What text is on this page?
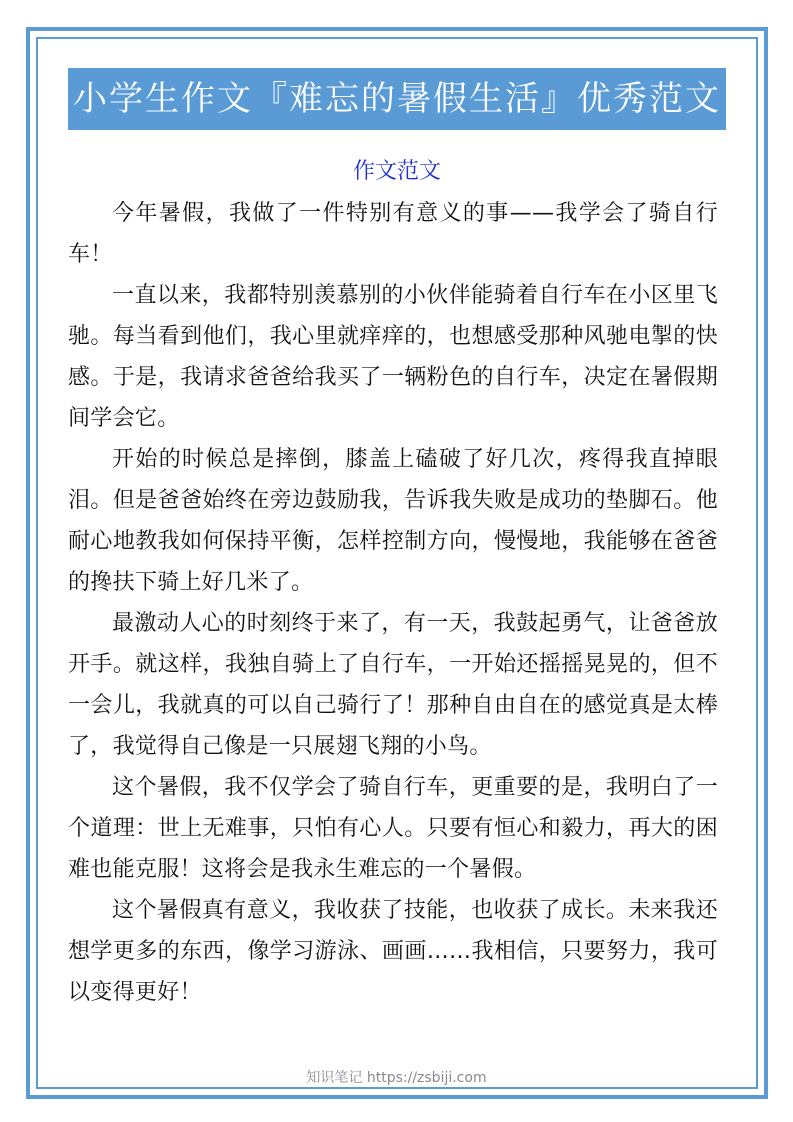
小学生作文『难忘的暑假生活』优秀范文
作文范文

今年暑假，我做了一件特别有意义的事——我学会了骑自行车！

一直以来，我都特别羡慕别的小伙伴能骑着自行车在小区里飞驰。每当看到他们，我心里就痒痒的，也想感受那种风驰电掣的快感。于是，我请求爸爸给我买了一辆粉色的自行车，决定在暑假期间学会它。

开始的时候总是摔倒，膝盖上磕破了好几次，疼得我直掉眼泪。但是爸爸始终在旁边鼓励我，告诉我失败是成功的垫脚石。他耐心地教我如何保持平衡，怎样控制方向，慢慢地，我能够在爸爸的搀扶下骑上好几米了。

最激动人心的时刻终于来了，有一天，我鼓起勇气，让爸爸放开手。就这样，我独自骑上了自行车，一开始还摇摇晃晃的，但不一会儿，我就真的可以自己骑行了！那种自由自在的感觉真是太棒了，我觉得自己像是一只展翅飞翔的小鸟。

这个暑假，我不仅学会了骑自行车，更重要的是，我明白了一个道理：世上无难事，只怕有心人。只要有恒心和毅力，再大的困难也能克服！这将会是我永生难忘的一个暑假。

这个暑假真有意义，我收获了技能，也收获了成长。未来我还想学更多的东西，像学习游泳、画画……我相信，只要努力，我可以变得更好！

知识笔记 https://zsbiji.com
